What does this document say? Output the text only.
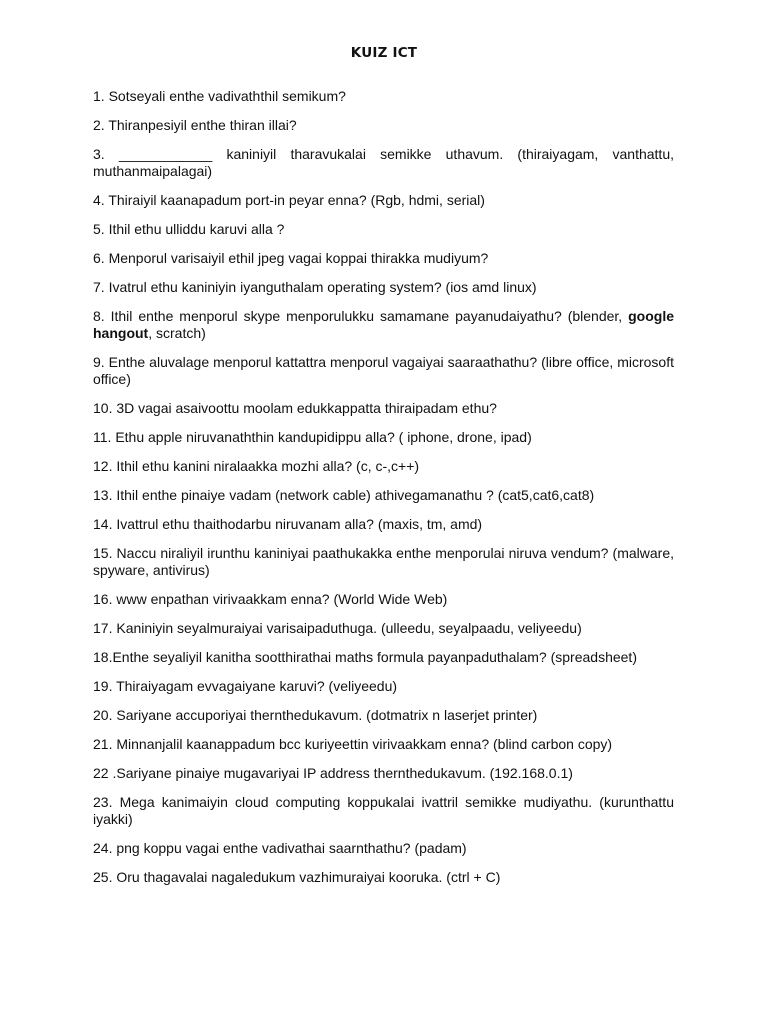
KUIZ ICT

1. Sotseyali enthe vadivaththil semikum?

2. Thiranpesiyil enthe thiran illai?

3. ____________ kaniniyil tharavukalai semikke uthavum. (thiraiyagam, vanthattu, muthanmaipalagai)

4. Thiraiyil kaanapadum port-in peyar enna? (Rgb, hdmi, serial)

5. Ithil ethu ulliddu karuvi alla ?

6. Menporul varisaiyil ethil jpeg vagai koppai thirakka mudiyum?

7. Ivatrul ethu kaniniyin iyanguthalam operating system? (ios amd linux)

8. Ithil enthe menporul skype menporulukku samamane payanudaiyathu? (blender, google hangout, scratch)

9. Enthe aluvalage menporul kattattra menporul vagaiyai saaraathathu? (libre office, microsoft office)

10. 3D vagai asaivoottu moolam edukkappatta thiraipadam ethu?

11. Ethu apple niruvanaththin kandupidippu alla? ( iphone, drone, ipad)

12. Ithil ethu kanini niralaakka mozhi alla? (c, c-,c++)

13. Ithil enthe pinaiye vadam (network cable) athivegamanathu ? (cat5,cat6,cat8)

14. Ivattrul ethu thaithodarbu niruvanam alla? (maxis, tm, amd)

15. Naccu niraliyil irunthu kaniniyai paathukakka enthe menporulai niruva vendum? (malware, spyware, antivirus)

16. www enpathan virivaakkam enna? (World Wide Web)

17. Kaniniyin seyalmuraiyai varisaipaduthuga. (ulleedu, seyalpaadu, veliyeedu)

18.Enthe seyaliyil kanitha sootthirathai maths formula payanpaduthalam? (spreadsheet)

19. Thiraiyagam evvagaiyane karuvi? (veliyeedu)

20. Sariyane accuporiyai thernthedukavum. (dotmatrix n laserjet printer)

21. Minnanjalil kaanappadum bcc kuriyeettin virivaakkam enna? (blind carbon copy)

22 .Sariyane pinaiye mugavariyai IP address thernthedukavum. (192.168.0.1)

23. Mega kanimaiyin cloud computing koppukalai ivattril semikke mudiyathu. (kurunthattu iyakki)

24. png koppu vagai enthe vadivathai saarnthathu? (padam)

25. Oru thagavalai nagaledukum vazhimuraiyai kooruka. (ctrl + C)
